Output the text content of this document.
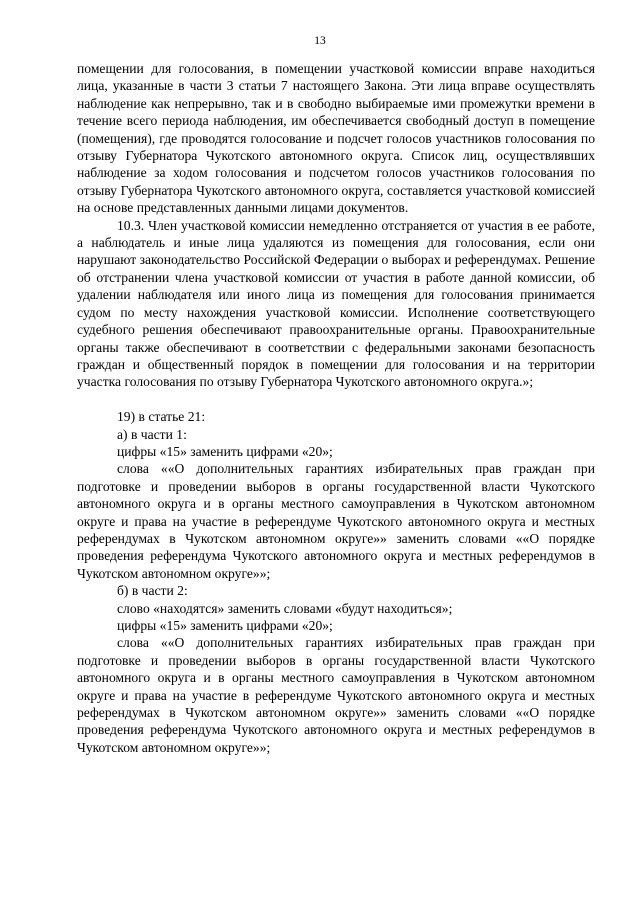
13

помещении для голосования, в помещении участковой комиссии вправе находиться лица, указанные в части 3 статьи 7 настоящего Закона. Эти лица вправе осуществлять наблюдение как непрерывно, так и в свободно выбираемые ими промежутки времени в течение всего периода наблюдения, им обеспечивается свободный доступ в помещение (помещения), где проводятся голосование и подсчет голосов участников голосования по отзыву Губернатора Чукотского автономного округа. Список лиц, осуществлявших наблюдение за ходом голосования и подсчетом голосов участников голосования по отзыву Губернатора Чукотского автономного округа, составляется участковой комиссией на основе представленных данными лицами документов.

10.3. Член участковой комиссии немедленно отстраняется от участия в ее работе, а наблюдатель и иные лица удаляются из помещения для голосования, если они нарушают законодательство Российской Федерации о выборах и референдумах. Решение об отстранении члена участковой комиссии от участия в работе данной комиссии, об удалении наблюдателя или иного лица из помещения для голосования принимается судом по месту нахождения участковой комиссии. Исполнение соответствующего судебного решения обеспечивают правоохранительные органы. Правоохранительные органы также обеспечивают в соответствии с федеральными законами безопасность граждан и общественный порядок в помещении для голосования и на территории участка голосования по отзыву Губернатора Чукотского автономного округа.»;

19) в статье 21:

а) в части 1:

цифры «15» заменить цифрами «20»;

слова ««О дополнительных гарантиях избирательных прав граждан при подготовке и проведении выборов в органы государственной власти Чукотского автономного округа и в органы местного самоуправления в Чукотском автономном округе и права на участие в референдуме Чукотского автономного округа и местных референдумах в Чукотском автономном округе»» заменить словами ««О порядке проведения референдума Чукотского автономного округа и местных референдумов в Чукотском автономном округе»»;

б) в части 2:

слово «находятся» заменить словами «будут находиться»;

цифры «15» заменить цифрами «20»;

слова ««О дополнительных гарантиях избирательных прав граждан при подготовке и проведении выборов в органы государственной власти Чукотского автономного округа и в органы местного самоуправления в Чукотском автономном округе и права на участие в референдуме Чукотского автономного округа и местных референдумах в Чукотском автономном округе»» заменить словами ««О порядке проведения референдума Чукотского автономного округа и местных референдумов в Чукотском автономном округе»»;
